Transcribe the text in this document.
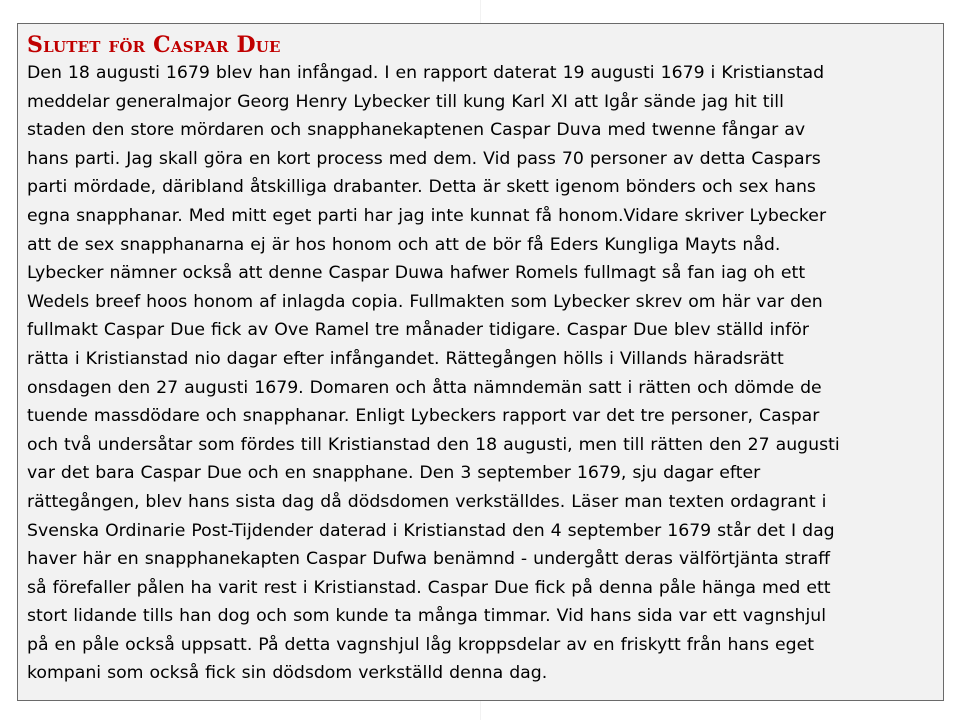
Slutet för Caspar Due

Den 18 augusti 1679 blev han infångad. I en rapport daterat 19 augusti 1679 i Kristianstad
meddelar generalmajor Georg Henry Lybecker till kung Karl XI att Igår sände jag hit till
staden den store mördaren och snapphanekaptenen Caspar Duva med twenne fångar av
hans parti. Jag skall göra en kort process med dem. Vid pass 70 personer av detta Caspars
parti mördade, däribland åtskilliga drabanter. Detta är skett igenom bönders och sex hans
egna snapphanar. Med mitt eget parti har jag inte kunnat få honom.Vidare skriver Lybecker
att de sex snapphanarna ej är hos honom och att de bör få Eders Kungliga Mayts nåd.
Lybecker nämner också att denne Caspar Duwa hafwer Romels fullmagt så fan iag oh ett
Wedels breef hoos honom af inlagda copia. Fullmakten som Lybecker skrev om här var den
fullmakt Caspar Due fick av Ove Ramel tre månader tidigare. Caspar Due blev ställd inför
rätta i Kristianstad nio dagar efter infångandet. Rättegången hölls i Villands häradsrätt
onsdagen den 27 augusti 1679. Domaren och åtta nämndemän satt i rätten och dömde de
tuende massdödare och snapphanar. Enligt Lybeckers rapport var det tre personer, Caspar
och två undersåtar som fördes till Kristianstad den 18 augusti, men till rätten den 27 augusti
var det bara Caspar Due och en snapphane. Den 3 september 1679, sju dagar efter
rättegången, blev hans sista dag då dödsdomen verkställdes. Läser man texten ordagrant i
Svenska Ordinarie Post-Tijdender daterad i Kristianstad den 4 september 1679 står det I dag
haver här en snapphanekapten Caspar Dufwa benämnd - undergått deras välförtjänta straff
så förefaller pålen ha varit rest i Kristianstad. Caspar Due fick på denna påle hänga med ett
stort lidande tills han dog och som kunde ta många timmar. Vid hans sida var ett vagnshjul
på en påle också uppsatt. På detta vagnshjul låg kroppsdelar av en friskytt från hans eget
kompani som också fick sin dödsdom verkställd denna dag.
